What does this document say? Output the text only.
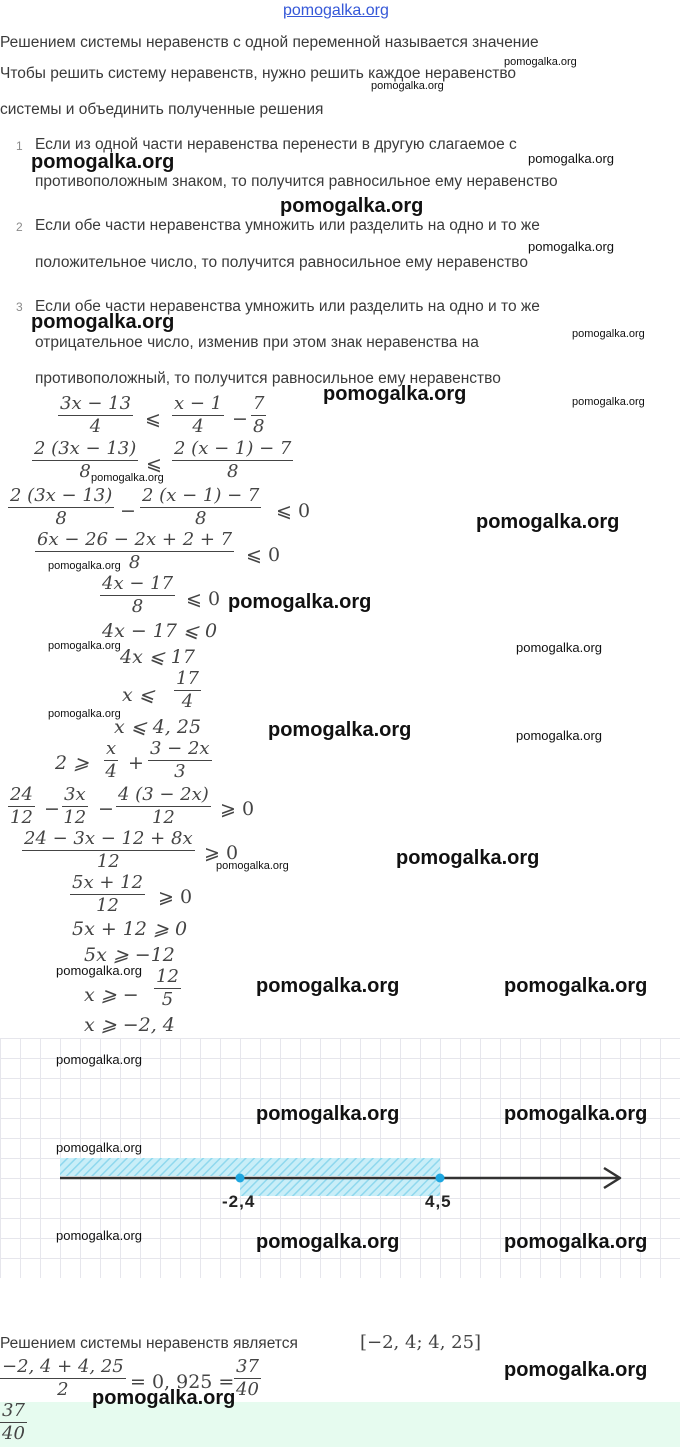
pomogalka.org
Решением системы неравенств с одной переменной называется значение
Чтобы решить систему неравенств, нужно решить каждое неравенство
системы и объединить полученные решения
1 Если из одной части неравенства перенести в другую слагаемое с
противоположным знаком, то получится равносильное ему неравенство
2 Если обе части неравенства умножить или разделить на одно и то же
положительное число, то получится равносильное ему неравенство
3 Если обе части неравенства умножить или разделить на одно и то же
отрицательное число, изменив при этом знак неравенства на
противоположный, то получится равносильное ему неравенство
3x − 13
4	⩽
x − 1
4	−
7
8
2 (3x − 13)
8	⩽
2 (x − 1) − 7
8
2 (3x − 13)
8	−
2 (x − 1) − 7
8	⩽ 0
6x − 26 − 2x + 2 + 7
8	⩽ 0
4x − 17
8	⩽ 0
4x − 17 ⩽ 0
4x ⩽ 17
x ⩽
17
4
x ⩽ 4, 25
2 ⩾
x
4 +
3 − 2x
3
24
12 −
3x
12 −
4 (3 − 2x)
12	⩾ 0
24 − 3x − 12 + 8x
12	⩾ 0
5x + 12
12	⩾ 0
5x + 12 ⩾ 0
5x ⩾ −12
x ⩾ −
12
5
x ⩾ −2, 4
-2,4	4,5
Решением системы неравенств является	[−2, 4; 4, 25]
−2, 4 + 4, 25
2	= 0, 925 =
37
40
37
40
pomogalka.org
pomogalka.org
pomogalka.org	pomogalka.org
pomogalka.org
pomogalka.org
pomogalka.org
pomogalka.org
pomogalka.org	pomogalka.org
pomogalka.org
pomogalka.org
pomogalka.org
pomogalka.org
pomogalka.org	pomogalka.org
pomogalka.org
pomogalka.org	pomogalka.org
pomogalka.org
pomogalka.org
pomogalka.org
pomogalka.org	pomogalka.org
pomogalka.org
pomogalka.org	pomogalka.org
pomogalka.org
pomogalka.org	pomogalka.org	pomogalka.org
pomogalka.org
pomogalka.org
